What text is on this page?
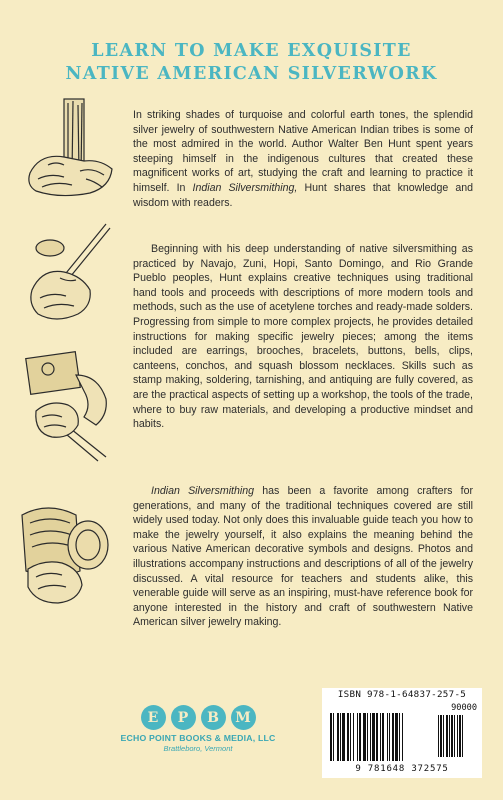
LEARN TO MAKE EXQUISITE
NATIVE AMERICAN SILVERWORK

In striking shades of turquoise and colorful earth tones, the splendid silver jewelry of southwestern Native American Indian tribes is some of the most admired in the world. Author Walter Ben Hunt spent years steeping himself in the indigenous cultures that created these magnificent works of art, studying the craft and learning to practice it himself. In Indian Silversmithing, Hunt shares that knowledge and wisdom with readers.

Beginning with his deep understanding of native silversmithing as practiced by Navajo, Zuni, Hopi, Santo Domingo, and Rio Grande Pueblo peoples, Hunt explains creative techniques using traditional hand tools and proceeds with descriptions of more modern tools and methods, such as the use of acetylene torches and ready-made solders. Progressing from simple to more complex projects, he provides detailed instructions for making specific jewelry pieces; among the items included are earrings, brooches, bracelets, buttons, bells, clips, canteens, conchos, and squash blossom necklaces. Skills such as stamp making, soldering, tarnishing, and antiquing are fully covered, as are the practical aspects of setting up a workshop, the tools of the trade, where to buy raw materials, and developing a productive mindset and habits.

Indian Silversmithing has been a favorite among crafters for generations, and many of the traditional techniques covered are still widely used today. Not only does this invaluable guide teach you how to make the jewelry yourself, it also explains the meaning behind the various Native American decorative symbols and designs. Photos and illustrations accompany instructions and descriptions of all of the jewelry discussed. A vital resource for teachers and students alike, this venerable guide will serve as an inspiring, must-have reference book for anyone interested in the history and craft of southwestern Native American silver jewelry making.

E	P	B	M
ECHO POINT BOOKS & MEDIA, LLC
Brattleboro, Vermont
ISBN 978-1-64837-257-5
90000
9 781648 372575
